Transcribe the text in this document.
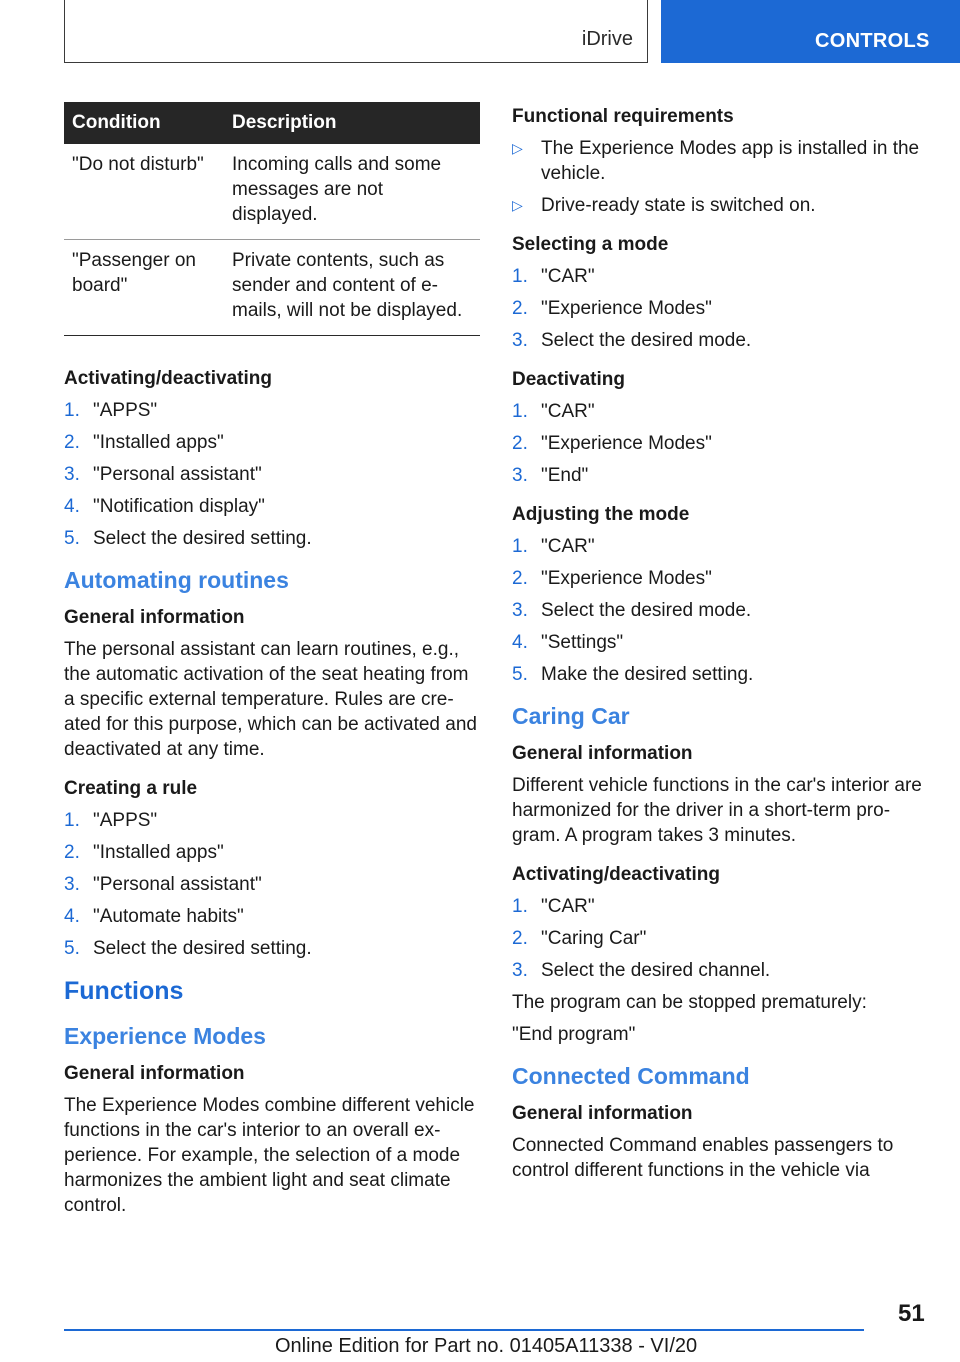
iDrive	CONTROLS
Condition	Description
"Do not disturb"	Incoming calls and some messages are not displayed.
"Passenger on board"	Private contents, such as sender and content of e-mails, will not be displayed.
Activating/deactivating
1. "APPS"
2. "Installed apps"
3. "Personal assistant"
4. "Notification display"
5. Select the desired setting.
Automating routines
General information

The personal assistant can learn routines, e.g., the automatic activation of the seat heating from a specific external temperature. Rules are created for this purpose, which can be activated and deactivated at any time.

Creating a rule
1. "APPS"
2. "Installed apps"
3. "Personal assistant"
4. "Automate habits"
5. Select the desired setting.
Functions
Experience Modes
General information

The Experience Modes combine different vehicle functions in the car's interior to an overall experience. For example, the selection of a mode harmonizes the ambient light and seat climate control.

Functional requirements
▷ The Experience Modes app is installed in the vehicle.
▷ Drive-ready state is switched on.
Selecting a mode
1. "CAR"
2. "Experience Modes"
3. Select the desired mode.
Deactivating
1. "CAR"
2. "Experience Modes"
3. "End"
Adjusting the mode
1. "CAR"
2. "Experience Modes"
3. Select the desired mode.
4. "Settings"
5. Make the desired setting.
Caring Car
General information

Different vehicle functions in the car's interior are harmonized for the driver in a short-term program. A program takes 3 minutes.

Activating/deactivating
1. "CAR"
2. "Caring Car"
3. Select the desired channel.

The program can be stopped prematurely:

"End program"

Connected Command
General information

Connected Command enables passengers to control different functions in the vehicle via

51
Online Edition for Part no. 01405A11338 - VI/20
